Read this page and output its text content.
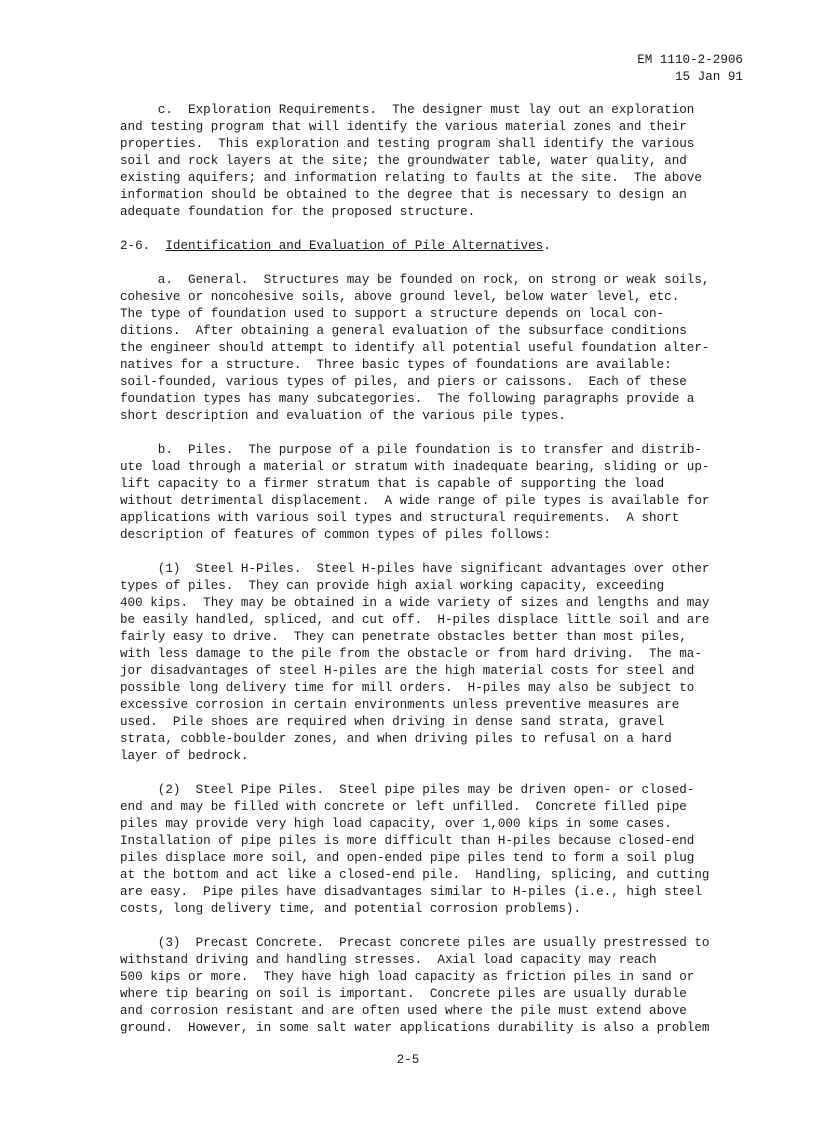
EM 1110-2-2906
15 Jan 91
c.  Exploration Requirements.  The designer must lay out an exploration
and testing program that will identify the various material zones and their
properties.  This exploration and testing program shall identify the various
soil and rock layers at the site; the groundwater table, water quality, and
existing aquifers; and information relating to faults at the site.  The above
information should be obtained to the degree that is necessary to design an
adequate foundation for the proposed structure.
2-6.  Identification and Evaluation of Pile Alternatives.
a.  General.  Structures may be founded on rock, on strong or weak soils,
cohesive or noncohesive soils, above ground level, below water level, etc.
The type of foundation used to support a structure depends on local con-
ditions.  After obtaining a general evaluation of the subsurface conditions
the engineer should attempt to identify all potential useful foundation alter-
natives for a structure.  Three basic types of foundations are available:
soil-founded, various types of piles, and piers or caissons.  Each of these
foundation types has many subcategories.  The following paragraphs provide a
short description and evaluation of the various pile types.
b.  Piles.  The purpose of a pile foundation is to transfer and distrib-
ute load through a material or stratum with inadequate bearing, sliding or up-
lift capacity to a firmer stratum that is capable of supporting the load
without detrimental displacement.  A wide range of pile types is available for
applications with various soil types and structural requirements.  A short
description of features of common types of piles follows:
(1)  Steel H-Piles.  Steel H-piles have significant advantages over other
types of piles.  They can provide high axial working capacity, exceeding
400 kips.  They may be obtained in a wide variety of sizes and lengths and may
be easily handled, spliced, and cut off.  H-piles displace little soil and are
fairly easy to drive.  They can penetrate obstacles better than most piles,
with less damage to the pile from the obstacle or from hard driving.  The ma-
jor disadvantages of steel H-piles are the high material costs for steel and
possible long delivery time for mill orders.  H-piles may also be subject to
excessive corrosion in certain environments unless preventive measures are
used.  Pile shoes are required when driving in dense sand strata, gravel
strata, cobble-boulder zones, and when driving piles to refusal on a hard
layer of bedrock.
(2)  Steel Pipe Piles.  Steel pipe piles may be driven open- or closed-
end and may be filled with concrete or left unfilled.  Concrete filled pipe
piles may provide very high load capacity, over 1,000 kips in some cases.
Installation of pipe piles is more difficult than H-piles because closed-end
piles displace more soil, and open-ended pipe piles tend to form a soil plug
at the bottom and act like a closed-end pile.  Handling, splicing, and cutting
are easy.  Pipe piles have disadvantages similar to H-piles (i.e., high steel
costs, long delivery time, and potential corrosion problems).
(3)  Precast Concrete.  Precast concrete piles are usually prestressed to
withstand driving and handling stresses.  Axial load capacity may reach
500 kips or more.  They have high load capacity as friction piles in sand or
where tip bearing on soil is important.  Concrete piles are usually durable
and corrosion resistant and are often used where the pile must extend above
ground.  However, in some salt water applications durability is also a problem
2-5
